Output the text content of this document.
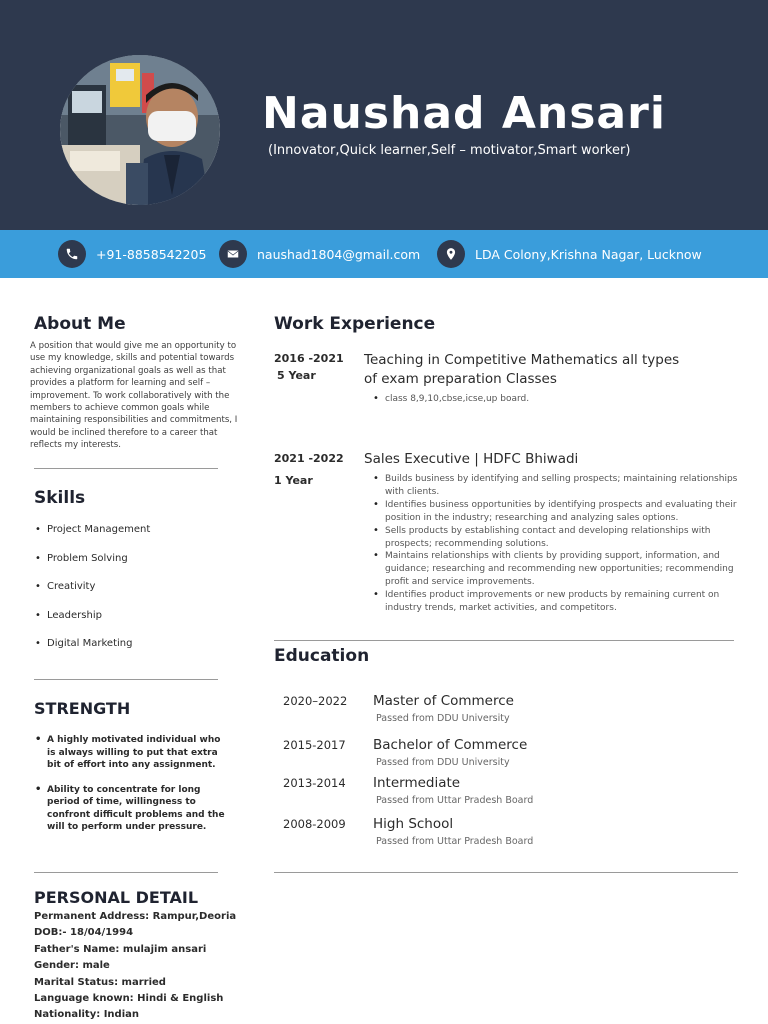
Naushad Ansari
(Innovator,Quick learner,Self – motivator,Smart worker)
+91-8858542205	naushad1804@gmail.com	LDA Colony,Krishna Nagar, Lucknow
About Me
A position that would give me an opportunity to use my knowledge, skills and potential towards achieving organizational goals as well as that provides a platform for learning and self – improvement. To work collaboratively with the members to achieve common goals while maintaining responsibilities and commitments, I would be inclined therefore to a career that reflects my interests.
Skills
• Project Management
• Problem Solving
• Creativity
• Leadership
• Digital Marketing
STRENGTH
• A highly motivated individual who is always willing to put that extra bit of effort into any assignment.
• Ability to concentrate for long period of time, willingness to confront difficult problems and the will to perform under pressure.
PERSONAL DETAIL
Permanent Address: Rampur,Deoria
DOB:- 18/04/1994
Father's Name: mulajim ansari
Gender: male
Marital Status: married
Language known: Hindi & English
Nationality: Indian
Work Experience
2016 -2021
5 Year
Teaching in Competitive Mathematics all types of exam preparation Classes
• class 8,9,10,cbse,icse,up board.
2021 -2022
1 Year
Sales Executive | HDFC Bhiwadi
• Builds business by identifying and selling prospects; maintaining relationships with clients.
• Identifies business opportunities by identifying prospects and evaluating their position in the industry; researching and analyzing sales options.
• Sells products by establishing contact and developing relationships with prospects; recommending solutions.
• Maintains relationships with clients by providing support, information, and guidance; researching and recommending new opportunities; recommending profit and service improvements.
• Identifies product improvements or new products by remaining current on industry trends, market activities, and competitors.
Education
2020–2022 Master of Commerce
Passed from DDU University
2015-2017 Bachelor of Commerce
Passed from DDU University
2013-2014 Intermediate
Passed from Uttar Pradesh Board
2008-2009 High School
Passed from Uttar Pradesh Board
